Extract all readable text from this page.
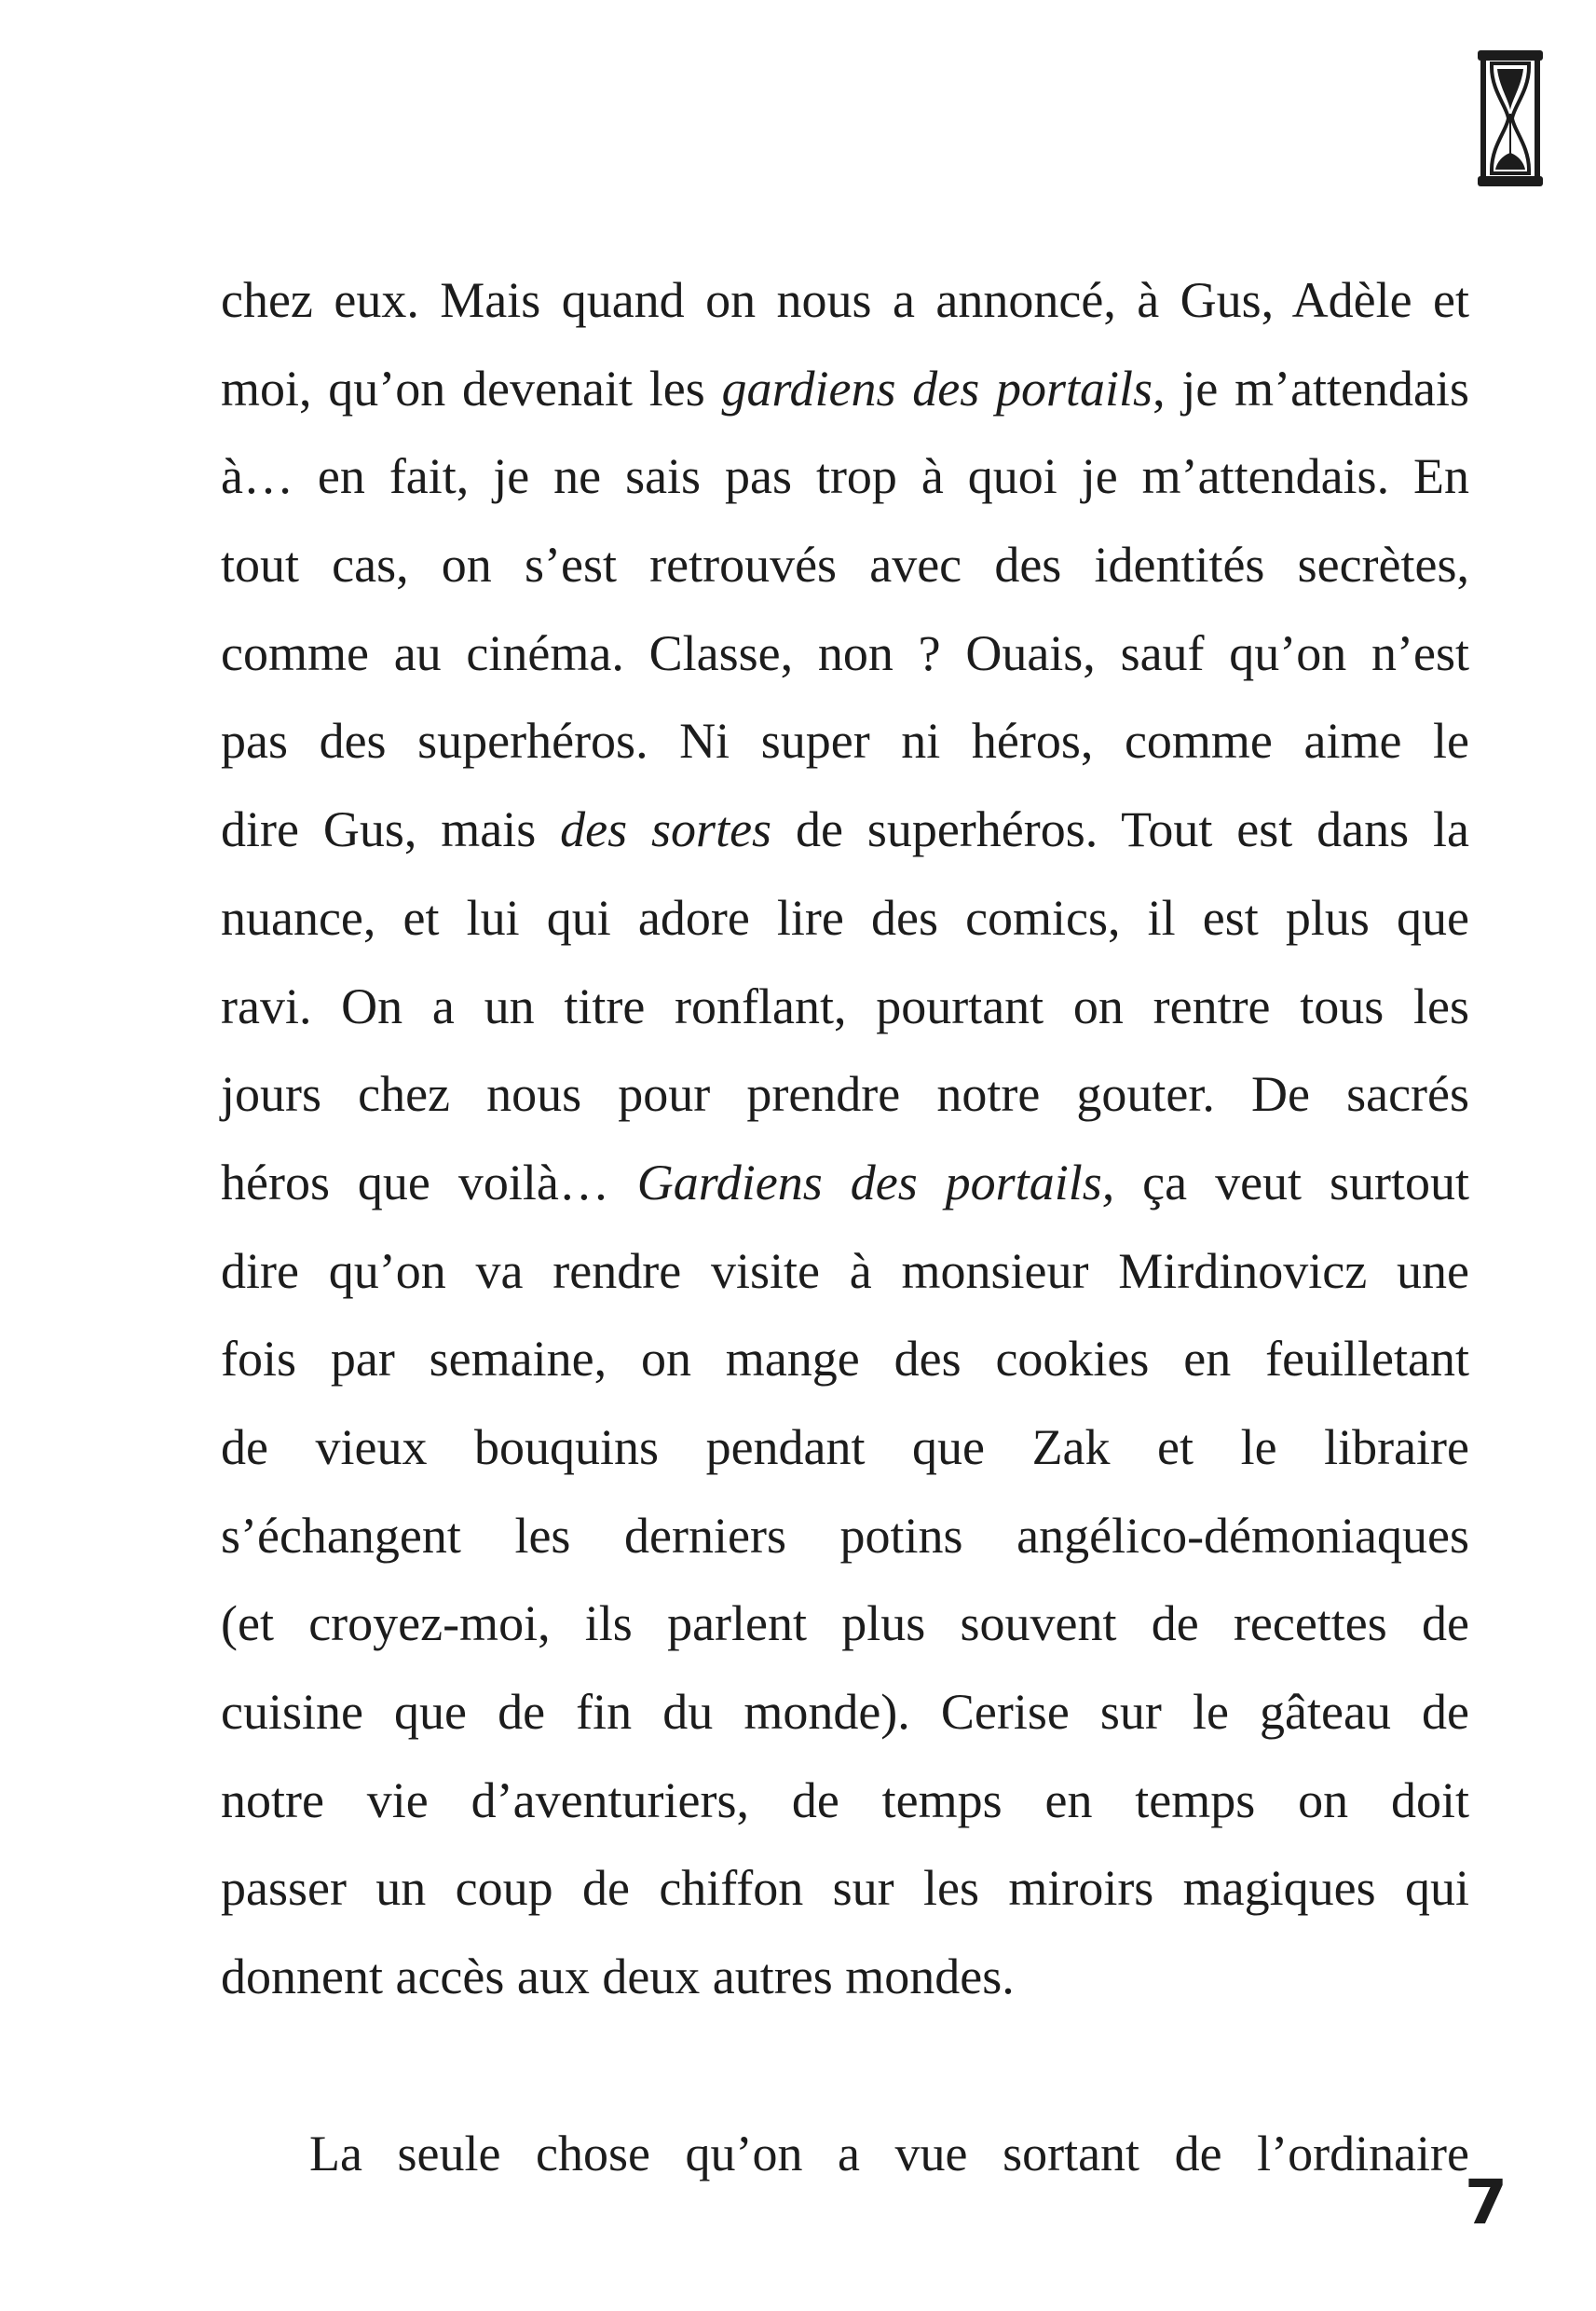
chez eux. Mais quand on nous a annoncé, à Gus, Adèle et
moi, qu’on devenait les gardiens des portails, je m’attendais
à… en fait, je ne sais pas trop à quoi je m’attendais. En
tout cas, on s’est retrouvés avec des identités secrètes,
comme au cinéma. Classe, non ? Ouais, sauf qu’on n’est
pas des superhéros. Ni super ni héros, comme aime le
dire Gus, mais des sortes de superhéros. Tout est dans la
nuance, et lui qui adore lire des comics, il est plus que
ravi. On a un titre ronflant, pourtant on rentre tous les
jours chez nous pour prendre notre gouter. De sacrés
héros que voilà… Gardiens des portails, ça veut surtout
dire qu’on va rendre visite à monsieur Mirdinovicz une
fois par semaine, on mange des cookies en feuilletant
de vieux bouquins pendant que Zak et le libraire
s’échangent les derniers potins angélico-démoniaques
(et croyez-moi, ils parlent plus souvent de recettes de
cuisine que de fin du monde). Cerise sur le gâteau de
notre vie d’aventuriers, de temps en temps on doit
passer un coup de chiffon sur les miroirs magiques qui
donnent accès aux deux autres mondes.
La seule chose qu’on a vue sortant de l’ordinaire
7
